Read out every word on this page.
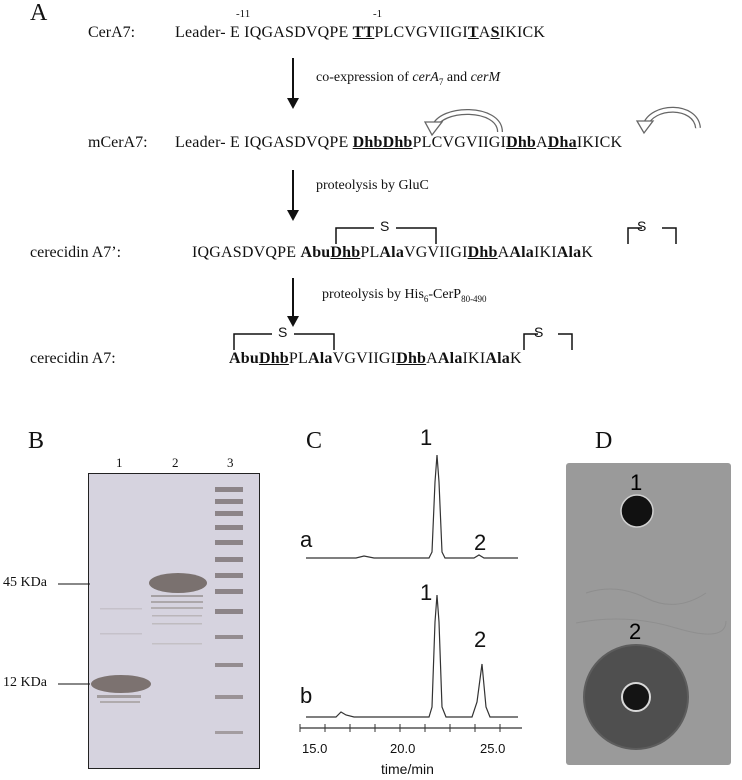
A	-11	-1
CerA7: Leader- E IQGASDVQPE TTPLCVGVIIGITASIKICK
co-expression of cerA$_7$ and cerM
mCerA7: Leader- E IQGASDVQPE DhbDhbPLCVGVIIGIDhbADhaIKICK
proteolysis by GluC
S	S
cerecidin A7’:	IQGASDVQPE AbuDhbPLAlaVGVIIGIDhbAAlaIKIAlaK
proteolysis by His$_6$-CerP$_{80-490}$
S	S
cerecidin A7:	AbuDhbPLAlaVGVIIGIDhbAAlaIKIAlaK
B
1	2	3
45 KDa
12 KDa
C
a
b
1
2
1
2
15.0	20.0	25.0
time/min
D
1
2
